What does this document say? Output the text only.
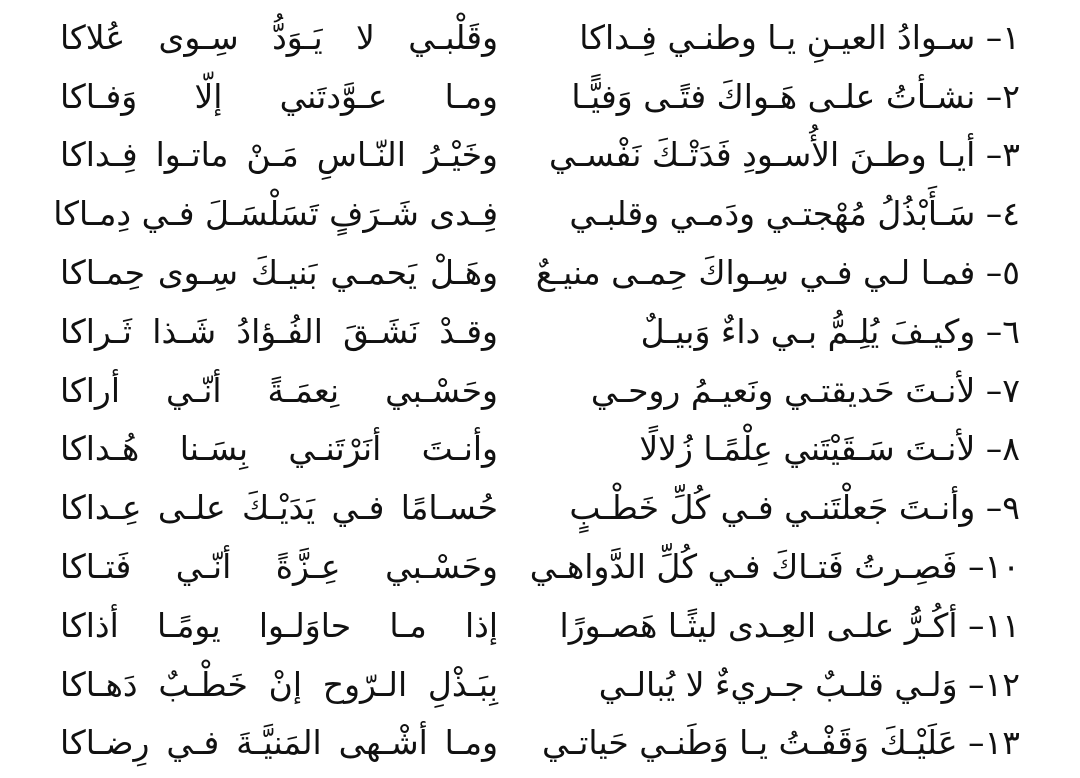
١– سـوادُ العيـنِ يـا وطنـي فِـداكا
وقَلْبـي لا يَـوَدُّ سِـوى عُلاكا
٢– نشـأتُ علـى هَـواكَ فتًـى وَفيًّـا
ومـا عـوَّدتَني إلّا وَفـاكا
٣– أيـا وطـنَ الأُسـودِ فَدَتْـكَ نَفْسـي
وخَيْـرُ النّـاسِ مَـنْ ماتـوا فِـداكا
٤– سَـأَبْذُلُ مُهْجتـي ودَمـي وقلبـي
فِـدى شَـرَفٍ تَسَلْسَـلَ فـي دِمـاكا
٥– فمـا لـي فـي سِـواكَ حِمـى منيـعٌ
وهَـلْ يَحمـي بَنيـكَ سِـوى حِمـاكا
٦– وكيـفَ يُلِـمُّ بـي داءٌ وَبيـلٌ
وقـدْ نَشَـقَ الفُـؤادُ شَـذا ثَـراكا
٧– لأنـتَ حَديقتـي ونَعيـمُ روحـي
وحَسْـبي نِعمَـةً أنّـي أراكا
٨– لأنـتَ سَـقَيْتَني عِلْمًـا زُلالًا
وأنـتَ أنَرْتَنـي بِسَـنا هُـداكا
٩– وأنـتَ جَعلْتَنـي فـي كُلِّ خَطْـبٍ
حُسـامًا فـي يَدَيْـكَ علـى عِـداكا
١٠– فَصِـرتُ فَتـاكَ فـي كُلِّ الدَّواهـي
وحَسْـبي عِـزَّةً أنّـي فَتـاكا
١١– أكُـرُّ علـى العِـدى ليثًـا هَصـورًا
إذا مـا حاوَلـوا يومًـا أذاكا
١٢– وَلـي قلـبٌ جـريءٌ لا يُبالـي
بِبَـذْلِ الـرّوح إنْ خَطْـبٌ دَهـاكا
١٣– عَلَيْـكَ وَقَفْـتُ يـا وَطَنـي حَياتـي
ومـا أشْـهى المَنيَّـةَ فـي رِضـاكا
